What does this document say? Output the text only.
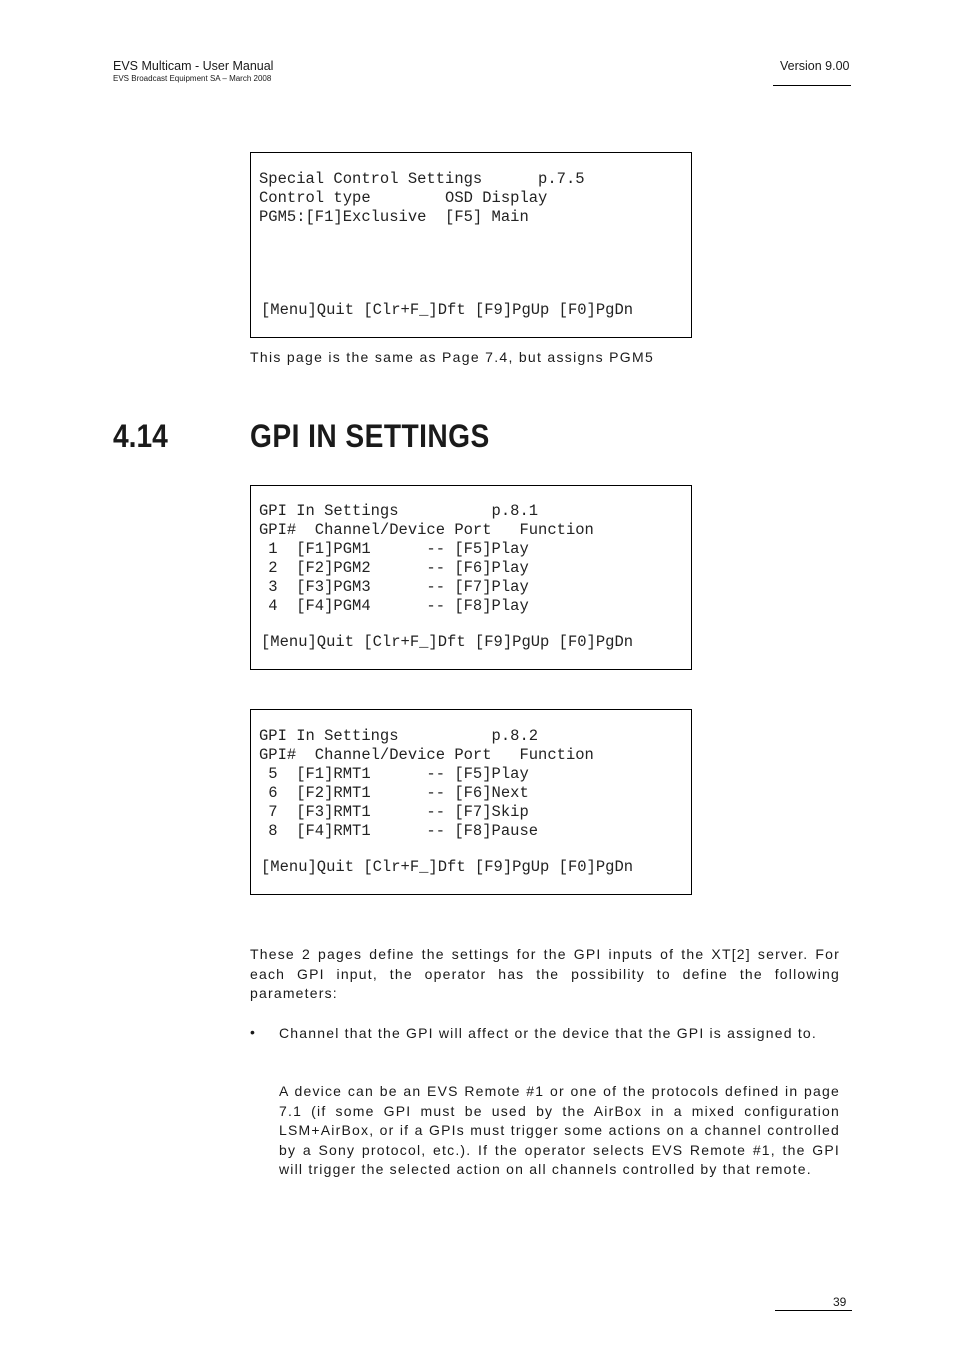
EVS Multicam - User Manual
EVS Broadcast Equipment SA – March 2008
Version 9.00
Special Control Settings      p.7.5
Control type        OSD Display
PGM5:[F1]Exclusive  [F5] Main
[Menu]Quit [Clr+F_]Dft [F9]PgUp [F0]PgDn
This page is the same as Page 7.4, but assigns PGM5
4.14	GPI IN SETTINGS
GPI In Settings          p.8.1
GPI#  Channel/Device Port   Function
1  [F1]PGM1      -- [F5]Play
2  [F2]PGM2      -- [F6]Play
3  [F3]PGM3      -- [F7]Play
4  [F4]PGM4      -- [F8]Play
[Menu]Quit [Clr+F_]Dft [F9]PgUp [F0]PgDn
GPI In Settings          p.8.2
GPI#  Channel/Device Port   Function
5  [F1]RMT1      -- [F5]Play
6  [F2]RMT1      -- [F6]Next
7  [F3]RMT1      -- [F7]Skip
8  [F4]RMT1      -- [F8]Pause
[Menu]Quit [Clr+F_]Dft [F9]PgUp [F0]PgDn
These 2 pages define the settings for the GPI inputs of the XT[2] server. For each GPI input, the operator has the possibility to define the following parameters:
• Channel that the GPI will affect or the device that the GPI is assigned to.
A device can be an EVS Remote #1 or one of the protocols defined in page 7.1 (if some GPI must be used by the AirBox in a mixed configuration LSM+AirBox, or if a GPIs must trigger some actions on a channel controlled by a Sony protocol, etc.). If the operator selects EVS Remote #1, the GPI will trigger the selected action on all channels controlled by that remote.
39
